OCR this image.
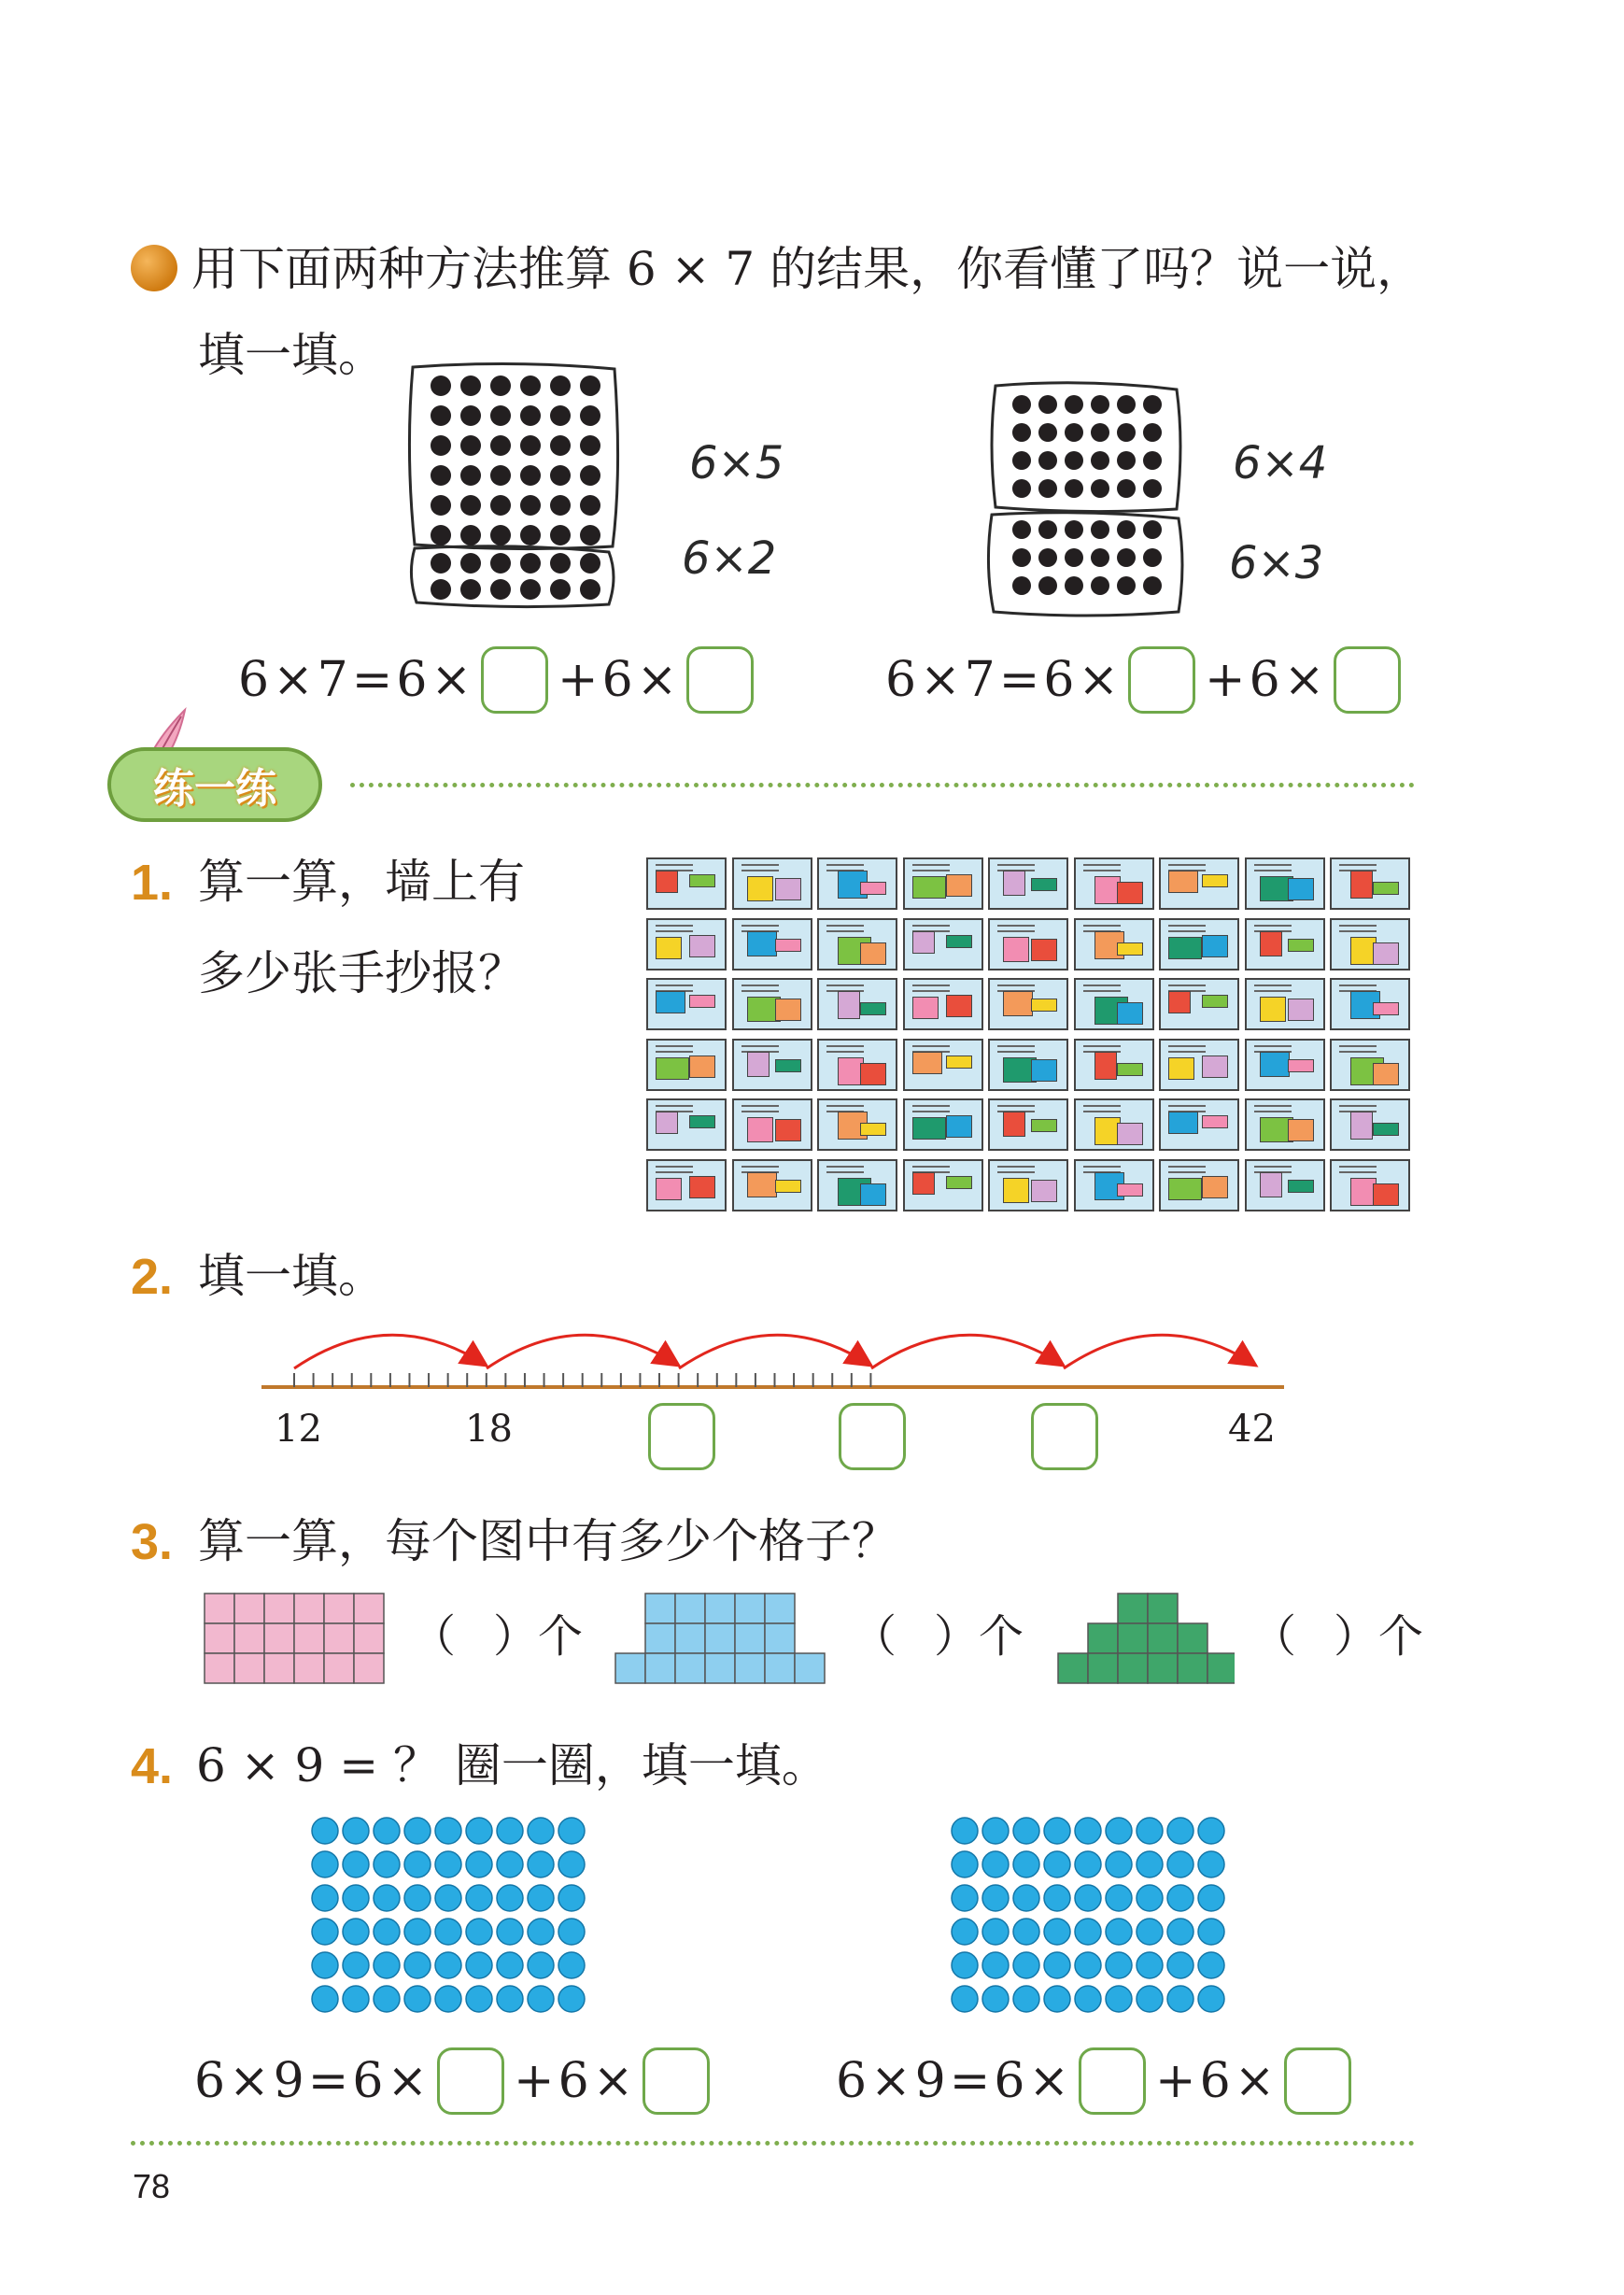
用下面两种方法推算 6 × 7 的结果，你看懂了吗？说一说，
填一填。
6×5
6×2
6×4
6×3
6 × 7 = 6 × + 6 ×	6 × 7 = 6 × + 6 ×
练一练
1. 算一算，墙上有
多少张手抄报？
2. 填一填。
12	18	42
3. 算一算，每个图中有多少个格子？
（ ）个	（ ）个	（ ）个
4. 6 × 9 = ？ 圈一圈，填一填。
6 × 9 = 6 × + 6 ×	6 × 9 = 6 × + 6 ×
78
